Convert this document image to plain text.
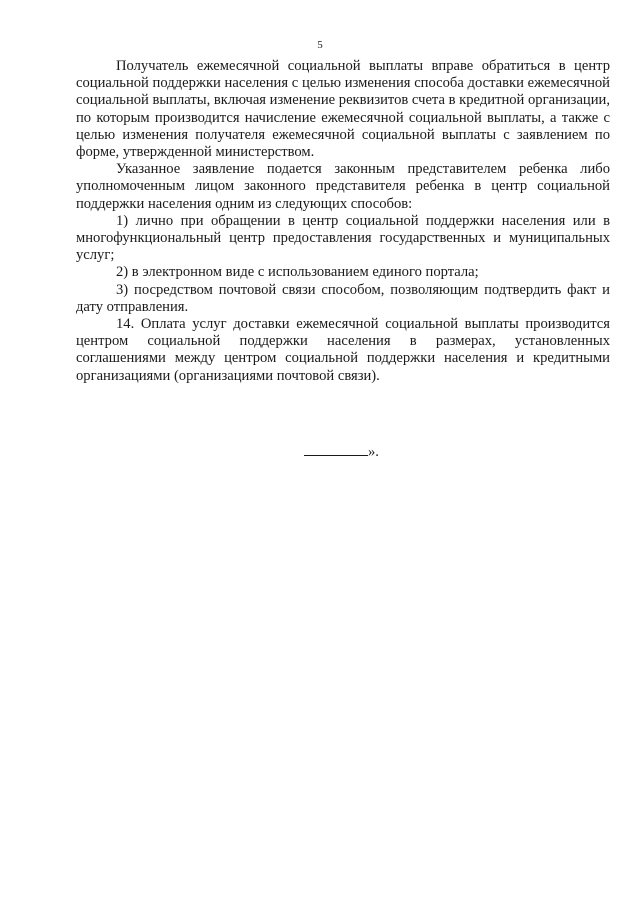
5

Получатель ежемесячной социальной выплаты вправе обратиться в центр социальной поддержки населения с целью изменения способа доставки ежемесячной социальной выплаты, включая изменение реквизитов счета в кредитной организации, по которым производится начисление ежемесячной социальной выплаты, а также с целью изменения получателя ежемесячной социальной выплаты с заявлением по форме, утвержденной министерством.

Указанное заявление подается законным представителем ребенка либо уполномоченным лицом законного представителя ребенка в центр социальной поддержки населения одним из следующих способов:

1) лично при обращении в центр социальной поддержки населения или в многофункциональный центр предоставления государственных и муниципальных услуг;

2) в электронном виде с использованием единого портала;

3) посредством почтовой связи способом, позволяющим подтвердить факт и дату отправления.

14. Оплата услуг доставки ежемесячной социальной выплаты производится центром социальной поддержки населения в размерах, установленных соглашениями между центром социальной поддержки населения и кредитными организациями (организациями почтовой связи).

».
